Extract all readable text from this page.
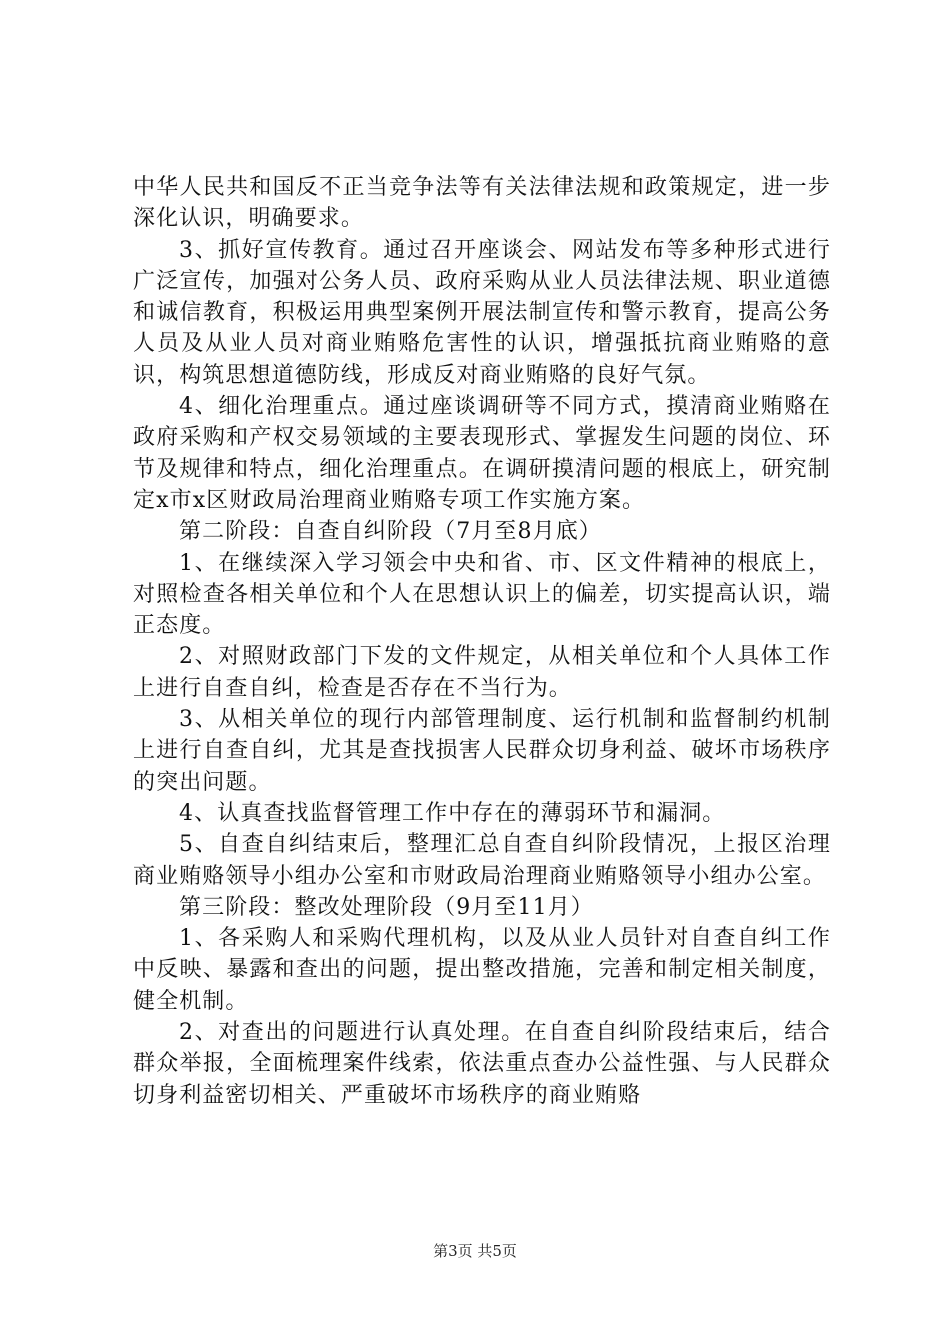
中华人民共和国反不正当竞争法等有关法律法规和政策规定，进一步深化认识，明确要求。

3、抓好宣传教育。通过召开座谈会、网站发布等多种形式进行广泛宣传，加强对公务人员、政府采购从业人员法律法规、职业道德和诚信教育，积极运用典型案例开展法制宣传和警示教育，提高公务人员及从业人员对商业贿赂危害性的认识，增强抵抗商业贿赂的意识，构筑思想道德防线，形成反对商业贿赂的良好气氛。

4、细化治理重点。通过座谈调研等不同方式，摸清商业贿赂在政府采购和产权交易领域的主要表现形式、掌握发生问题的岗位、环节及规律和特点，细化治理重点。在调研摸清问题的根底上，研究制定x市x区财政局治理商业贿赂专项工作实施方案。

第二阶段：自查自纠阶段（7月至8月底）

1、在继续深入学习领会中央和省、市、区文件精神的根底上，对照检查各相关单位和个人在思想认识上的偏差，切实提高认识，端正态度。

2、对照财政部门下发的文件规定，从相关单位和个人具体工作上进行自查自纠，检查是否存在不当行为。

3、从相关单位的现行内部管理制度、运行机制和监督制约机制上进行自查自纠，尤其是查找损害人民群众切身利益、破坏市场秩序的突出问题。

4、认真查找监督管理工作中存在的薄弱环节和漏洞。

5、自查自纠结束后，整理汇总自查自纠阶段情况，上报区治理商业贿赂领导小组办公室和市财政局治理商业贿赂领导小组办公室。

第三阶段：整改处理阶段（9月至11月）

1、各采购人和采购代理机构，以及从业人员针对自查自纠工作中反映、暴露和查出的问题，提出整改措施，完善和制定相关制度，健全机制。

2、对查出的问题进行认真处理。在自查自纠阶段结束后，结合群众举报，全面梳理案件线索，依法重点查办公益性强、与人民群众切身利益密切相关、严重破坏市场秩序的商业贿赂

第3页 共5页
